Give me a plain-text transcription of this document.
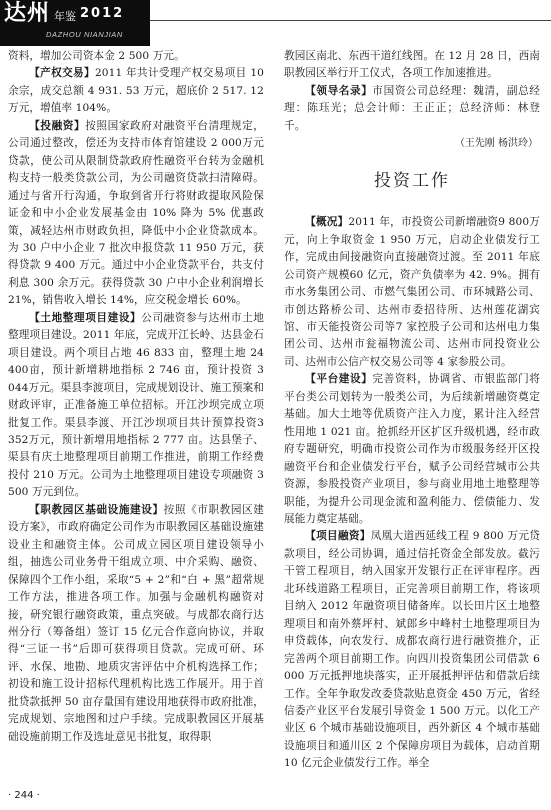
达州 年鉴 2012
DAZHOU NIANJIAN

资料，增加公司资本金 2 500 万元。

【产权交易】2011 年共计受理产权交易项目 10 余宗，成交总额 4 931. 53 万元，超底价 2 517. 12 万元，增值率 104%。

【投融资】按照国家政府对融资平台清理规定，公司通过整改，偿还为支持市体育馆建设 2 000万元贷款，使公司从限制贷款政府性融资平台转为金融机构支持一般类贷款公司，为公司融资贷款扫清障碍。通过与省开行沟通，争取到省开行将财政提取风险保证金和中小企业发展基金由 10% 降为 5% 优惠政策，减轻达州市财政负担，降低中小企业贷款成本。为 30 户中小企业 7 批次申报贷款 11 950 万元，获得贷款 9 400 万元。通过中小企业贷款平台，共支付利息 300 余万元。获得贷款 30 户中小企业利润增长 21%，销售收入增长 14%，应交税金增长 60%。

【土地整理项目建设】公司融资参与达州市土地整理项目建设。2011 年底，完成开江长岭、达县金石项目建设。两个项目占地 46 833 亩，整理土地 24 400亩，预计新增耕地指标 2 746 亩，预计投资 3 044万元。渠县李渡项目，完成规划设计、施工预案和财政评审，正准备施工单位招标。开江沙坝完成立项批复工作。渠县李渡、开江沙坝项目共计预算投资3 352万元，预计新增用地指标 2 777 亩。达县堡子、渠县有庆土地整理项目前期工作推进，前期工作经费投付 210 万元。公司为土地整理项目建设专项融资 3 500 万元到位。

【职教园区基础设施建设】按照《市职教园区建设方案》，市政府确定公司作为市职教园区基础设施建设业主和融资主体。公司成立园区项目建设领导小组，抽选公司业务骨干组成立项、中介采购、融资、保障四个工作小组，采取“5 + 2”和“白 + 黑”超常规工作方法，推进各项工作。加强与金融机构融资对接，研究银行融资政策，重点突破。与成都农商行达州分行（筹备组）签订 15 亿元合作意向协议，并取得“三证一书”后即可获得项目贷款。完成可研、环评、水保、地勘、地质灾害评估中介机构选择工作；初设和施工设计招标代理机构比选工作展开。用于首批贷款抵押 50 亩存量国有建设用地获得市政府批准，完成规划、宗地图和过户手续。完成职教园区开展基础设施前期工作及选址意见书批复，取得职

教园区南北、东西干道红线图。在 12 月 28 日，西南职教园区举行开工仪式，各项工作加速推进。

【领导名录】市国资公司总经理：魏清，副总经理：陈珏光；总会计师：王正正；总经济师：林登千。

（王先刚 杨洪玲）

投资工作

【概况】2011 年，市投资公司新增融资9 800万元，向上争取资金 1 950 万元，启动企业债发行工作，完成由间接融资向直接融资过渡。至 2011 年底公司资产规模60 亿元，资产负债率为 42. 9%。拥有市水务集团公司、市燃气集团公司、市环城路公司、市创达路桥公司、达州市委招待所、达州莲花湖宾馆、市天能投资公司等7 家控股子公司和达州电力集团公司、达州市瓮福物流公司、达州市同投资业公司、达州市公信产权交易公司等 4 家参股公司。

【平台建设】完善资料，协调省、市银监部门将平台类公司划转为一般类公司，为后续新增融资奠定基础。加大土地等优质资产注入力度，累计注入经营性用地 1 021 亩。抢抓经开区扩区升级机遇，经市政府专题研究，明确市投资公司作为市级服务经开区投融资平台和企业债发行平台，赋予公司经营城市公共资源，参股投资产业项目，参与商业用地土地整理等职能，为提升公司现金流和盈利能力、偿债能力、发展能力奠定基础。

【项目融资】凤凰大道西延线工程 9 800 万元贷款项目，经公司协调，通过信托资金全部发放。截污干管工程项目，纳入国家开发银行正在评审程序。西北环线道路工程项目，正完善项目前期工作，将该项目纳入 2012 年融资项目储备库。以长田片区土地整理项目和南外蔡坪村、斌郎乡中峰村土地整理项目为申贷载体，向农发行、成都农商行进行融资推介，正完善两个项目前期工作。向四川投资集团公司借款 6 000 万元抵押地块落实，正开展抵押评估和借款后续工作。全年争取发改委贷款贴息资金 450 万元，省经信委产业区平台发展引导资金 1 500 万元。以化工产业区 6 个城市基础设施项目，西外新区 4 个城市基础设施项目和通川区 2 个保障房项目为载体，启动首期 10 亿元企业债发行工作。举全

· 244 ·
